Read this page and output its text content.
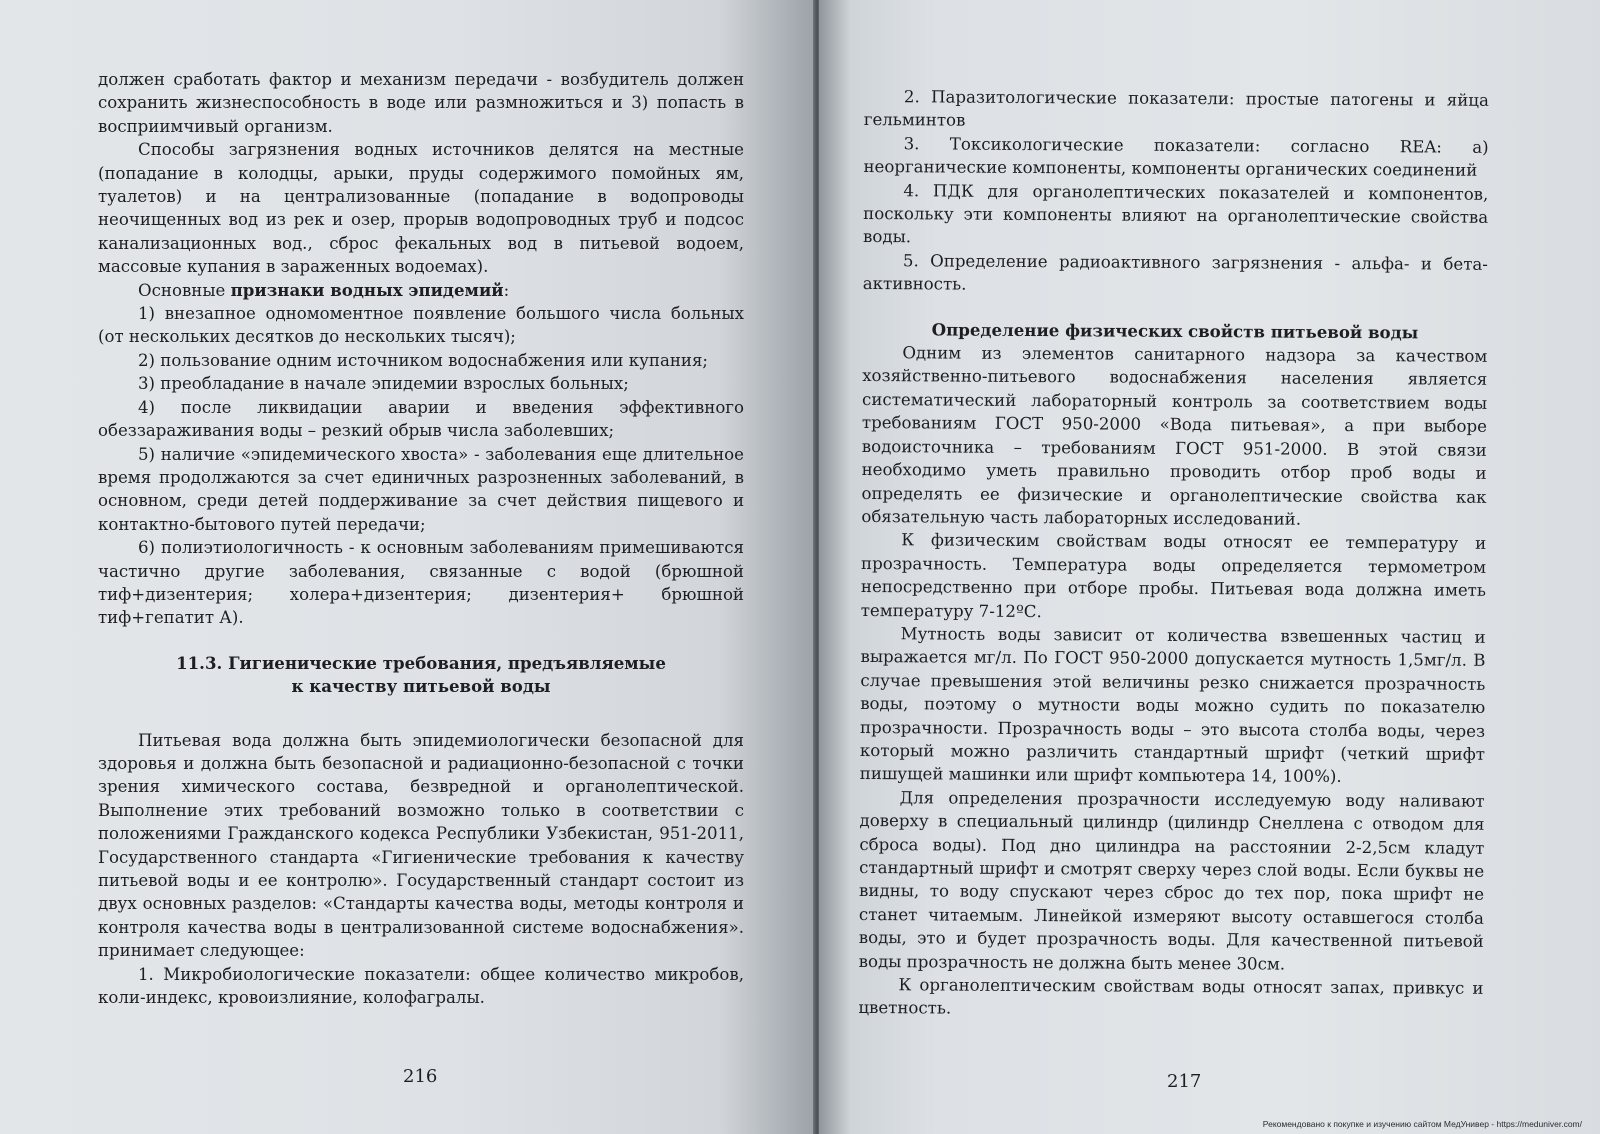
должен сработать фактор и механизм передачи - возбудитель должен сохранить жизнеспособность в воде или размножиться и 3) попасть в восприимчивый организм.

Способы загрязнения водных источников делятся на местные (попадание в колодцы, арыки, пруды содержимого помойных ям, туалетов) и на централизованные (попадание в водопроводы неочищенных вод из рек и озер, прорыв водопроводных труб и подсос канализационных вод., сброс фекальных вод в питьевой водоем, массовые купания в зараженных водоемах).

Основные признаки водных эпидемий:

1) внезапное одномоментное появление большого числа больных (от нескольких десятков до нескольких тысяч);

2) пользование одним источником водоснабжения или купания;

3) преобладание в начале эпидемии взрослых больных;

4) после ликвидации аварии и введения эффективного обеззараживания воды – резкий обрыв числа заболевших;

5) наличие «эпидемического хвоста» - заболевания еще длительное время продолжаются за счет единичных разрозненных заболеваний, в основном, среди детей поддерживание за счет действия пищевого и контактно-бытового путей передачи;

6) полиэтиологичность - к основным заболеваниям примешиваются частично другие заболевания, связанные с водой (брюшной тиф+дизентерия; холера+дизентерия; дизентерия+ брюшной тиф+гепатит А).

11.3. Гигиенические требования, предъявляемые
к качеству питьевой воды

Питьевая вода должна быть эпидемиологически безопасной для здоровья и должна быть безопасной и радиационно-безопасной с точки зрения химического состава, безвредной и органолептической. Выполнение этих требований возможно только в соответствии с положениями Гражданского кодекса Республики Узбекистан, 951-2011, Государственного стандарта «Гигиенические требования к качеству питьевой воды и ее контролю». Государственный стандарт состоит из двух основных разделов: «Стандарты качества воды, методы контроля и контроля качества воды в централизованной системе водоснабжения». принимает следующее:

1. Микробиологические показатели: общее количество микробов, коли-индекс, кровоизлияние, колофагралы.

216

2. Паразитологические показатели: простые патогены и яйца гельминтов

3. Токсикологические показатели: согласно REA: а) неорганические компоненты, компоненты органических соединений

4. ПДК для органолептических показателей и компонентов, поскольку эти компоненты влияют на органолептические свойства воды.

5. Определение радиоактивного загрязнения - альфа- и бета-активность.

Определение физических свойств питьевой воды

Одним из элементов санитарного надзора за качеством хозяйственно-питьевого водоснабжения населения является систематический лабораторный контроль за соответствием воды требованиям ГОСТ 950-2000 «Вода питьевая», а при выборе водоисточника – требованиям ГОСТ 951-2000. В этой связи необходимо уметь правильно проводить отбор проб воды и определять ее физические и органолептические свойства как обязательную часть лабораторных исследований.

К физическим свойствам воды относят ее температуру и прозрачность. Температура воды определяется термометром непосредственно при отборе пробы. Питьевая вода должна иметь температуру 7-12ºС.

Мутность воды зависит от количества взвешенных частиц и выражается мг/л. По ГОСТ 950-2000 допускается мутность 1,5мг/л. В случае превышения этой величины резко снижается прозрачность воды, поэтому о мутности воды можно судить по показателю прозрачности. Прозрачность воды – это высота столба воды, через который можно различить стандартный шрифт (четкий шрифт пишущей машинки или шрифт компьютера 14, 100%).

Для определения прозрачности исследуемую воду наливают доверху в специальный цилиндр (цилиндр Снеллена с отводом для сброса воды). Под дно цилиндра на расстоянии 2-2,5см кладут стандартный шрифт и смотрят сверху через слой воды. Если буквы не видны, то воду спускают через сброс до тех пор, пока шрифт не станет читаемым. Линейкой измеряют высоту оставшегося столба воды, это и будет прозрачность воды. Для качественной питьевой воды прозрачность не должна быть менее 30см.

К органолептическим свойствам воды относят запах, привкус и цветность.

217
Рекомендовано к покупке и изучению сайтом МедУнивер - https://meduniver.com/
